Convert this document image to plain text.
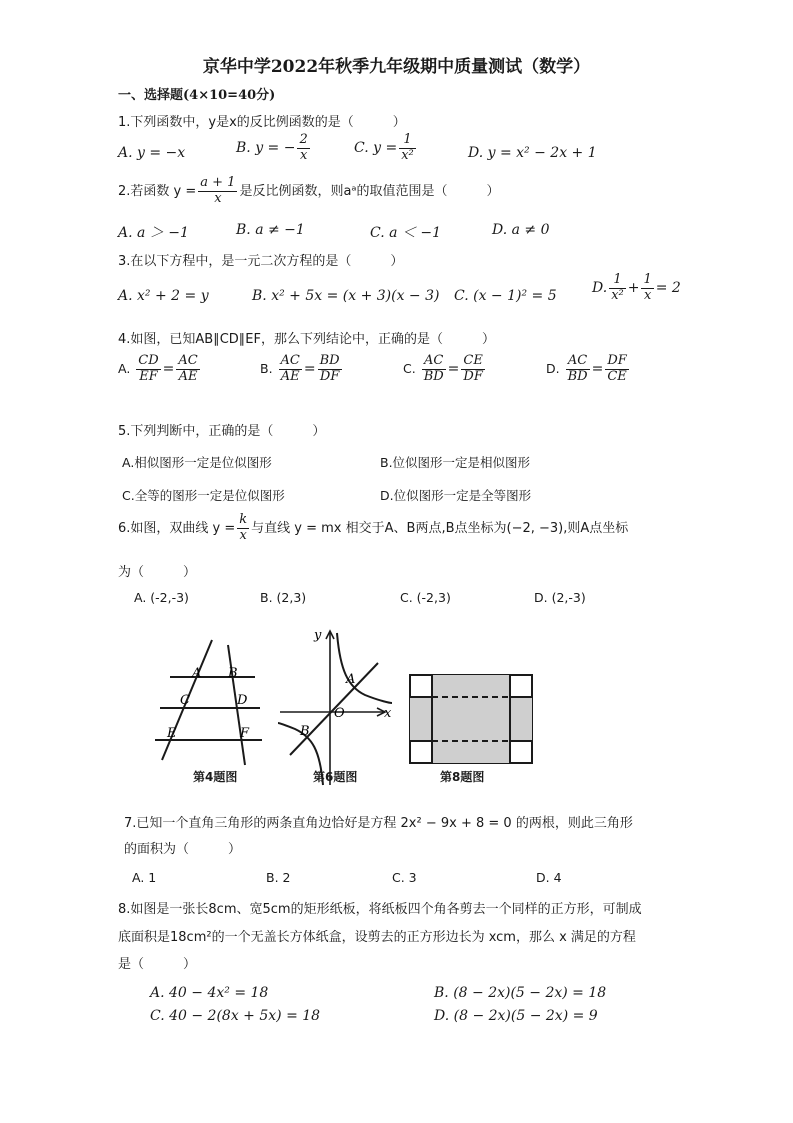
京华中学2022年秋季九年级期中质量测试（数学）
一、选择题(4×10=40分)
1.下列函数中，y是x的反比例函数的是（　　　）
A. y = −x	B. y = − $\frac{2}{x}$	C. $y = \frac{1}{\text{x²}}$	D. y = x² − 2x + 1
2.若函数 $y = \frac{a + 1}{x}$ 是反比例函数，则aᵃ的取值范围是（　　　）
A. a ＞ −1	B. a ≠ −1	C. a ＜ −1	D. a ≠ 0
3.在以下方程中，是一元二次方程的是（　　　）
A. x² + 2 = y	B. x² + 5x = (x + 3)(x − 3) C. (x − 1)² = 5
D. $\frac{1}{\text{x²}} + \frac{1}{x} = 2$
4.如图，已知AB∥CD∥EF，那么下列结论中，正确的是（　　　）
A. $\frac{CD}{EF} = \frac{AC}{AE}$	B. $\frac{AC}{AE} = \frac{BD}{DF}$	C. $\frac{AC}{BD} = \frac{CE}{DF}$	D. $\frac{AC}{BD} = \frac{DF}{CE}$
5.下列判断中，正确的是（　　　）
A.相似图形一定是位似图形	B.位似图形一定是相似图形
C.全等的图形一定是位似图形	D.位似图形一定是全等图形
6.如图，双曲线 $y = \frac{k}{x}$ 与直线 y = mx 相交于A、B两点,B点坐标为(−2, −3),则A点坐标
为（　　　）
A. (-2,-3)	B. (2,3)	C. (-2,3)	D. (2,-3)
A B
C	D
E	F
y
A
O
B
x
第4题图	第6题图	第8题图
7.已知一个直角三角形的两条直角边恰好是方程 2x² − 9x + 8 = 0 的两根，则此三角形
的面积为（　　　）
A. 1	B. 2	C. 3	D. 4
8.如图是一张长8cm、宽5cm的矩形纸板，将纸板四个角各剪去一个同样的正方形，可制成
底面积是18cm²的一个无盖长方体纸盒，设剪去的正方形边长为 xcm，那么 x 满足的方程
是（　　　）
A. 40 − 4x² = 18	B. (8 − 2x)(5 − 2x) = 18
C. 40 − 2(8x + 5x) = 18	D. (8 − 2x)(5 − 2x) = 9
